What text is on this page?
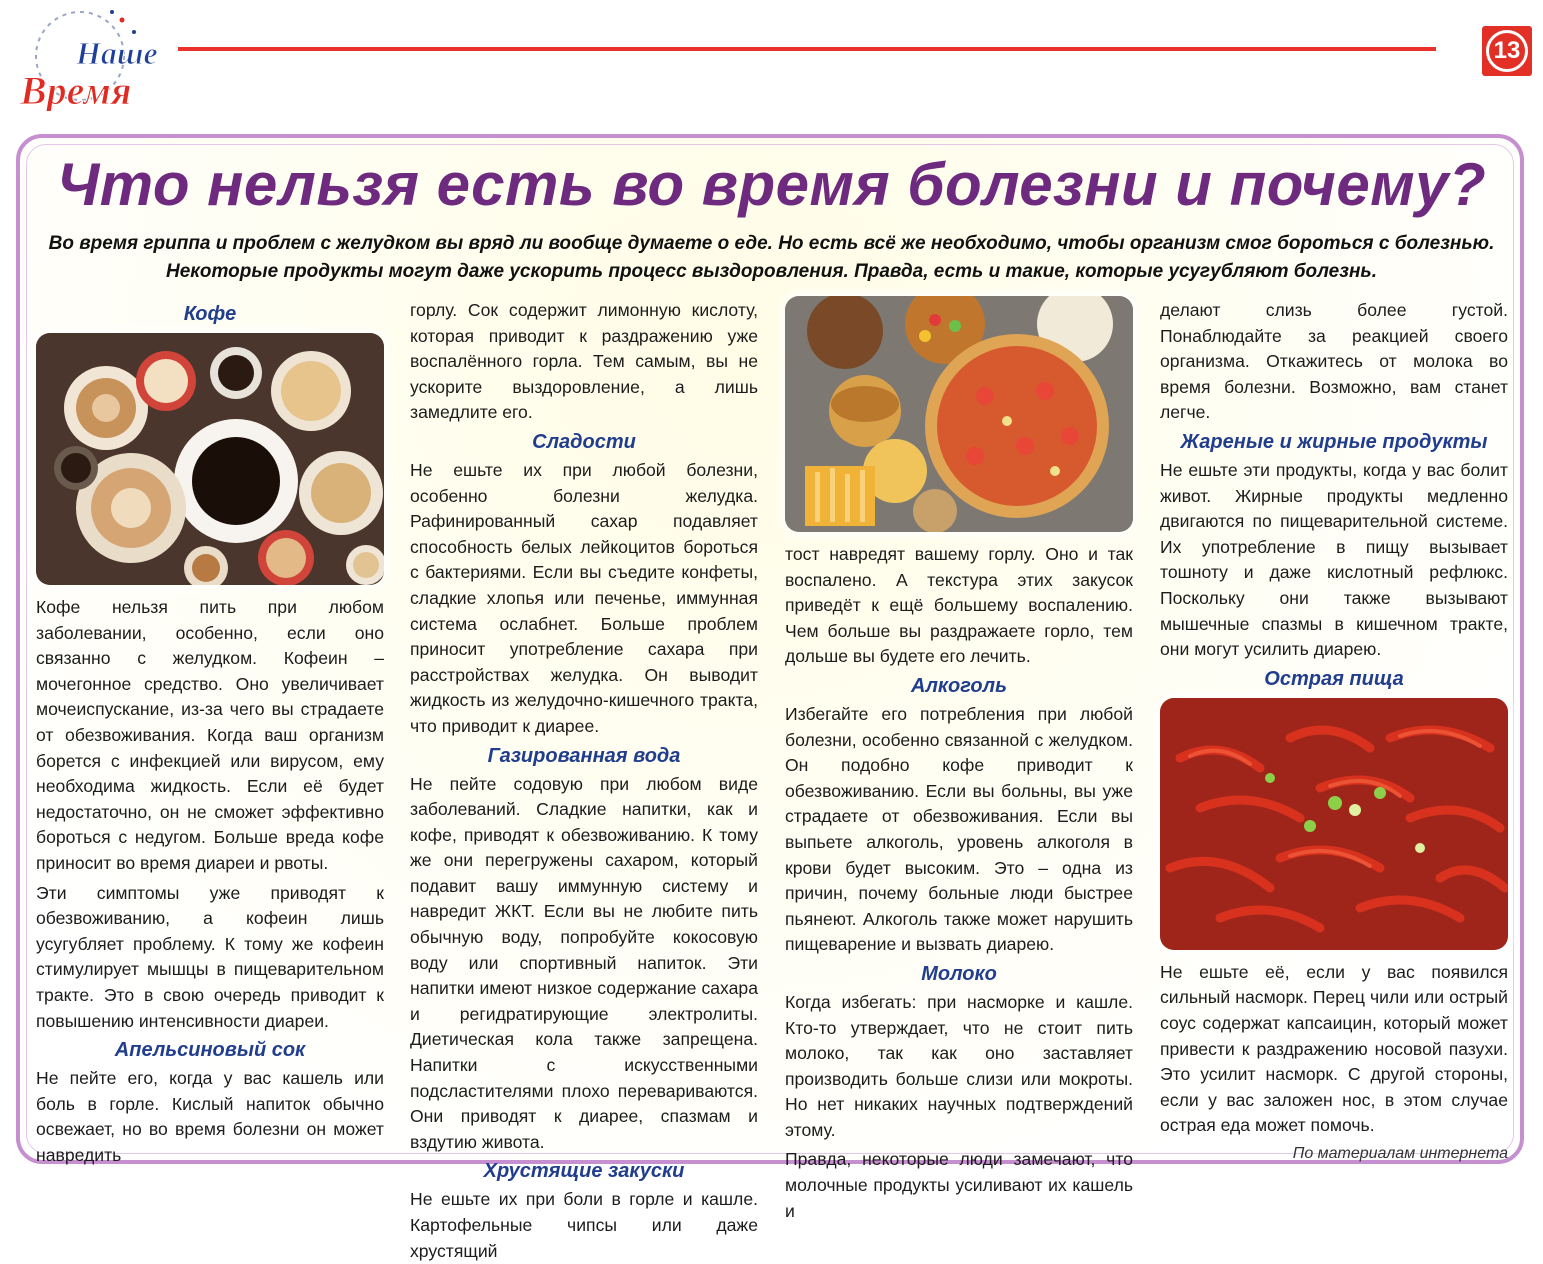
Наше
Время
13
Что нельзя есть во время болезни и почему?
Во время гриппа и проблем с желудком вы вряд ли вообще думаете о еде. Но есть всё же необходимо, чтобы организм смог бороться с болезнью.
Некоторые продукты могут даже ускорить процесс выздоровления. Правда, есть и такие, которые усугубляют болезнь.
Кофе

Кофе нельзя пить при любом заболевании, особенно, если оно связанно с желудком. Кофеин – мочегонное средство. Оно увеличивает мочеиспускание, из-за чего вы страдаете от обезвоживания. Когда ваш организм борется с инфекцией или вирусом, ему необходима жидкость. Если её будет недостаточно, он не сможет эффективно бороться с недугом. Больше вреда кофе приносит во время диареи и рвоты.

Эти симптомы уже приводят к обезвоживанию, а кофеин лишь усугубляет проблему. К тому же кофеин стимулирует мышцы в пищеварительном тракте. Это в свою очередь приводит к повышению интенсивности диареи.

Апельсиновый сок

Не пейте его, когда у вас кашель или боль в горле. Кислый напиток обычно освежает, но во время болезни он может навредить

горлу. Сок содержит лимонную кислоту, которая приводит к раздражению уже воспалённого горла. Тем самым, вы не ускорите выздоровление, а лишь замедлите его.

Сладости

Не ешьте их при любой болезни, особенно болезни желудка. Рафинированный сахар подавляет способность белых лейкоцитов бороться с бактериями. Если вы съедите конфеты, сладкие хлопья или печенье, иммунная система ослабнет. Больше проблем приносит употребление сахара при расстройствах желудка. Он выводит жидкость из желудочно-кишечного тракта, что приводит к диарее.

Газированная вода

Не пейте содовую при любом виде заболеваний. Сладкие напитки, как и кофе, приводят к обезвоживанию. К тому же они перегружены сахаром, который подавит вашу иммунную систему и навредит ЖКТ. Если вы не любите пить обычную воду, попробуйте кокосовую воду или спортивный напиток. Эти напитки имеют низкое содержание сахара и регидратирующие электролиты. Диетическая кола также запрещена. Напитки с искусственными подсластителями плохо перевариваются. Они приводят к диарее, спазмам и вздутию живота.

Хрустящие закуски

Не ешьте их при боли в горле и кашле. Картофельные чипсы или даже хрустящий

тост навредят вашему горлу. Оно и так воспалено. А текстура этих закусок приведёт к ещё большему воспалению. Чем больше вы раздражаете горло, тем дольше вы будете его лечить.

Алкоголь

Избегайте его потребления при любой болезни, особенно связанной с желудком. Он подобно кофе приводит к обезвоживанию. Если вы больны, вы уже страдаете от обезвоживания. Если вы выпьете алкоголь, уровень алкоголя в крови будет высоким. Это – одна из причин, почему больные люди быстрее пьянеют. Алкоголь также может нарушить пищеварение и вызвать диарею.

Молоко

Когда избегать: при насморке и кашле. Кто-то утверждает, что не стоит пить молоко, так как оно заставляет производить больше слизи или мокроты. Но нет никаких научных подтверждений этому.

Правда, некоторые люди замечают, что молочные продукты усиливают их кашель и

делают слизь более густой. Понаблюдайте за реакцией своего организма. Откажитесь от молока во время болезни. Возможно, вам станет легче.

Жареные и жирные продукты

Не ешьте эти продукты, когда у вас болит живот. Жирные продукты медленно двигаются по пищеварительной системе. Их употребление в пищу вызывает тошноту и даже кислотный рефлюкс. Поскольку они также вызывают мышечные спазмы в кишечном тракте, они могут усилить диарею.

Острая пища

Не ешьте её, если у вас появился сильный насморк. Перец чили или острый соус содержат капсаицин, который может привести к раздражению носовой пазухи. Это усилит насморк. С другой стороны, если у вас заложен нос, в этом случае острая еда может помочь.

По материалам интернета
